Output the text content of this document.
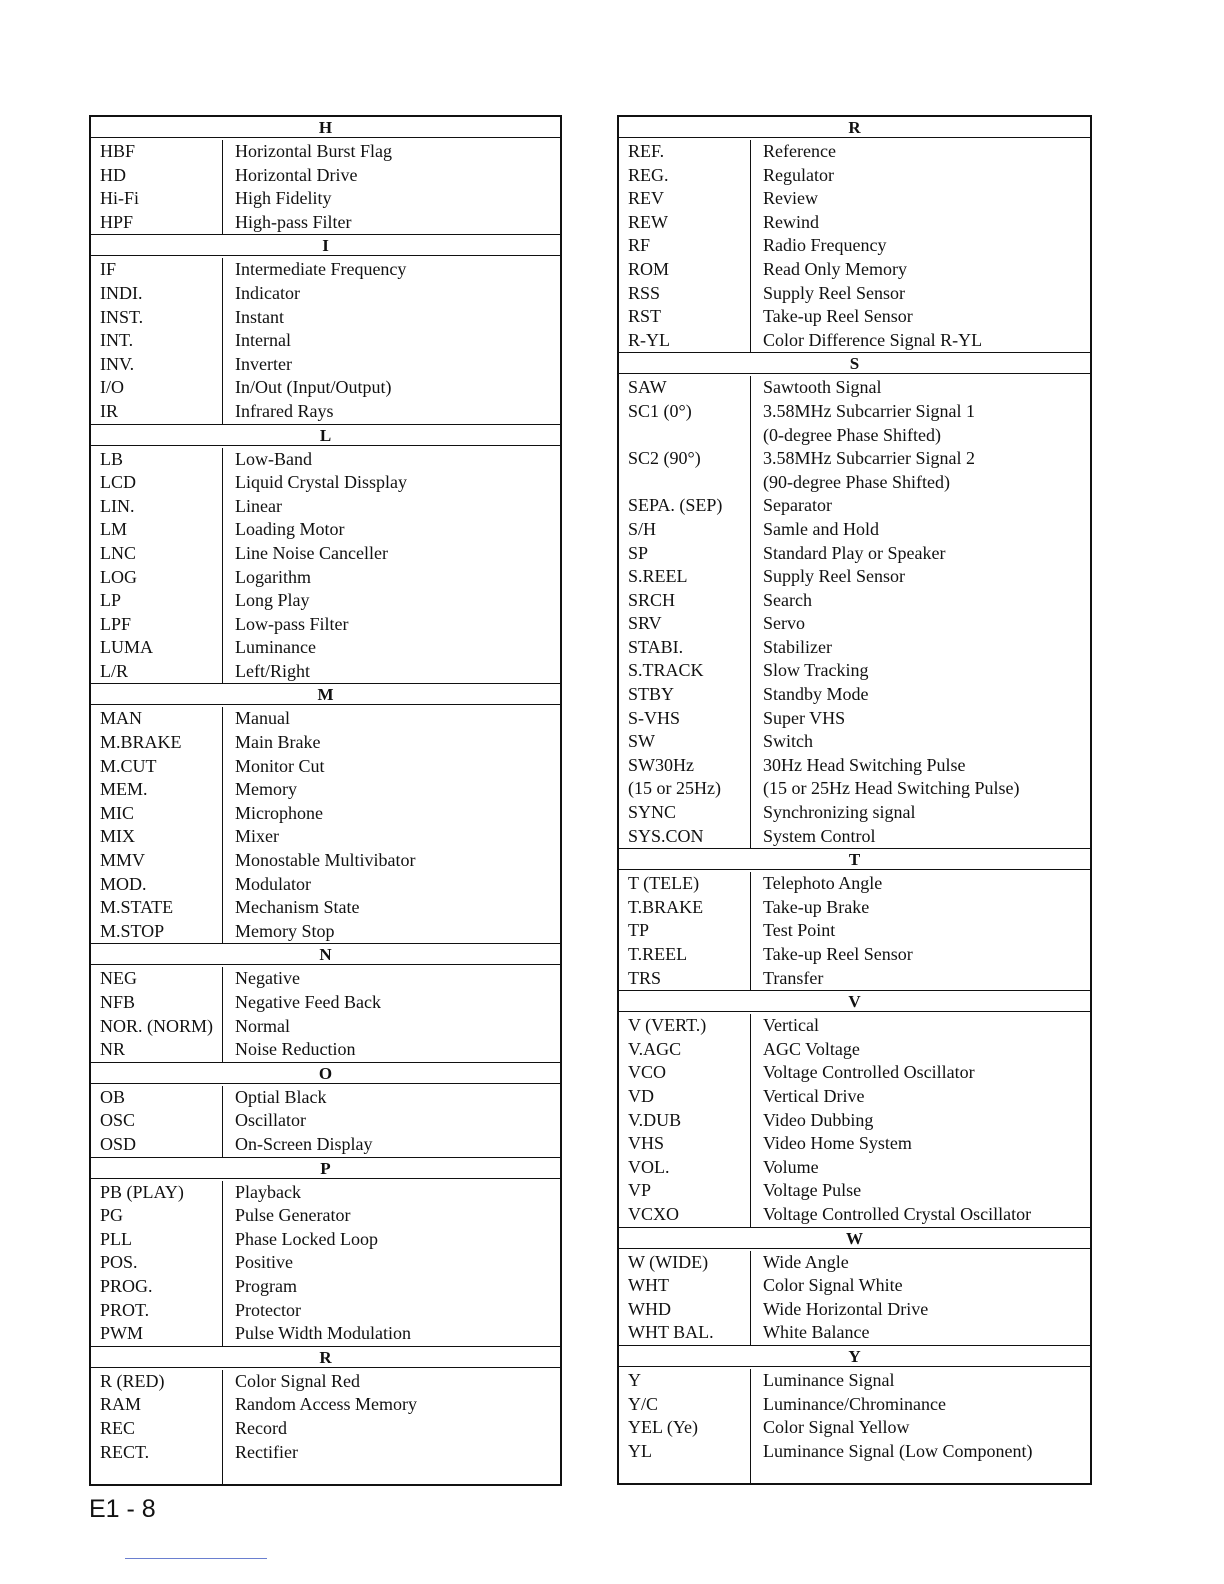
H
HBF	Horizontal Burst Flag
HD	Horizontal Drive
Hi-Fi	High Fidelity
HPF	High-pass Filter
I
IF	Intermediate Frequency
INDI.	Indicator
INST.	Instant
INT.	Internal
INV.	Inverter
I/O	In/Out (Input/Output)
IR	Infrared Rays
L
LB	Low-Band
LCD	Liquid Crystal Dissplay
LIN.	Linear
LM	Loading Motor
LNC	Line Noise Canceller
LOG	Logarithm
LP	Long Play
LPF	Low-pass Filter
LUMA	Luminance
L/R	Left/Right
M
MAN	Manual
M.BRAKE	Main Brake
M.CUT	Monitor Cut
MEM.	Memory
MIC	Microphone
MIX	Mixer
MMV	Monostable Multivibator
MOD.	Modulator
M.STATE	Mechanism State
M.STOP	Memory Stop
N
NEG	Negative
NFB	Negative Feed Back
NOR. (NORM)	Normal
NR	Noise Reduction
O
OB	Optial Black
OSC	Oscillator
OSD	On-Screen Display
P
PB (PLAY)	Playback
PG	Pulse Generator
PLL	Phase Locked Loop
POS.	Positive
PROG.	Program
PROT.	Protector
PWM	Pulse Width Modulation
R
R (RED)	Color Signal Red
RAM	Random Access Memory
REC	Record
RECT.	Rectifier
R
REF.	Reference
REG.	Regulator
REV	Review
REW	Rewind
RF	Radio Frequency
ROM	Read Only Memory
RSS	Supply Reel Sensor
RST	Take-up Reel Sensor
R-YL	Color Difference Signal R-YL
S
SAW	Sawtooth Signal
SC1 (0°)	3.58MHz Subcarrier Signal 1
(0-degree Phase Shifted)
SC2 (90°)	3.58MHz Subcarrier Signal 2
(90-degree Phase Shifted)
SEPA. (SEP)	Separator
S/H	Samle and Hold
SP	Standard Play or Speaker
S.REEL	Supply Reel Sensor
SRCH	Search
SRV	Servo
STABI.	Stabilizer
S.TRACK	Slow Tracking
STBY	Standby Mode
S-VHS	Super VHS
SW	Switch
SW30Hz	30Hz Head Switching Pulse
(15 or 25Hz)	(15 or 25Hz Head Switching Pulse)
SYNC	Synchronizing signal
SYS.CON	System Control
T
T (TELE)	Telephoto Angle
T.BRAKE	Take-up Brake
TP	Test Point
T.REEL	Take-up Reel Sensor
TRS	Transfer
V
V (VERT.)	Vertical
V.AGC	AGC Voltage
VCO	Voltage Controlled Oscillator
VD	Vertical Drive
V.DUB	Video Dubbing
VHS	Video Home System
VOL.	Volume
VP	Voltage Pulse
VCXO	Voltage Controlled Crystal Oscillator
W
W (WIDE)	Wide Angle
WHT	Color Signal White
WHD	Wide Horizontal Drive
WHT BAL.	White Balance
Y
Y	Luminance Signal
Y/C	Luminance/Chrominance
YEL (Ye)	Color Signal Yellow
YL	Luminance Signal (Low Component)
E1 - 8
